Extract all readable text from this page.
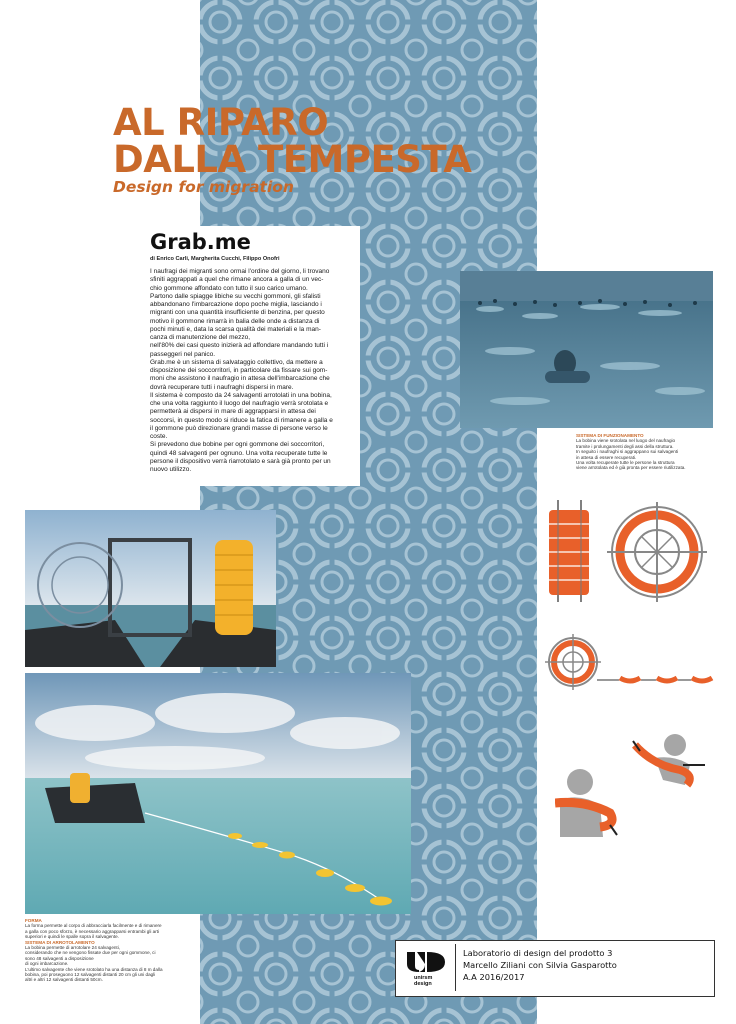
AL RIPARO
DALLA TEMPESTA
Design for migration
Grab.me
di Enrico Carli, Margherita Cucchi, Filippo Onofri

I naufragi dei migranti sono ormai l'ordine del giorno, li trovano

sfiniti aggrappati a quel che rimane ancora a galla di un vec-

chio gommone affondato con tutto il suo carico umano.

Partono dalle spiagge libiche su vecchi gommoni, gli sfalisti

abbandonano l'imbarcazione dopo poche miglia, lasciando i

migranti con una quantità insufficiente di benzina, per questo

motivo il gommone rimarrà in balia delle onde a distanza di

pochi minuti e, data la scarsa qualità dei materiali e la man-

canza di manutenzione del mezzo,

nell'80% dei casi questo inizierà ad affondare mandando tutti i

passeggeri nel panico.

Grab.me è un sistema di salvataggio collettivo, da mettere a

disposizione dei soccorritori, in particolare da fissare sui gom-

moni che assistono il naufragio in attesa dell'imbarcazione che

dovrà recuperare tutti i naufraghi dispersi in mare.

Il sistema è composto da 24 salvagenti arrotolati in una bobina,

che una volta raggiunto il luogo del naufragio verrà srotolata e

permetterà ai dispersi in mare di aggrapparsi in attesa dei

soccorsi, in questo modo si riduce la fatica di rimanere a galla e

il gommone può direzionare grandi masse di persone verso le

coste.

Si prevedono due bobine per ogni gommone dei soccorritori,

quindi 48 salvagenti per ognuno. Una volta recuperate tutte le

persone il dispositivo verrà riarrotolato e sarà già pronto per un

nuovo utilizzo.

SISTEMA DI FUNZIONAMENTO
La bobina viene srotolata nel luogo del naufragio
tramite i prolungamenti degli assi della struttura.
In seguito i naufraghi si aggrappano sui salvagenti
in attesa di essere recuperati.
Una volta recuperate tutte le persone la struttura
viene arrotolata ed è già pronta per essere riutilizzata.
FORMA
La forma permette al corpo di abbracciarla facilmente e di rimanere
a galla con poco sforzo, è necessario aggrapparsi entrambi gli arti
superiori e quindi le spalle sopra il salvagente.
SISTEMA DI ARROTOLAMENTO
La bobina permette di arrotolare 24 salvagenti,
considerando che ne vengono fissate due per ogni gommone, ci
sono 48 salvagenti a disposizione
di ogni imbarcazione.
L'ultimo salvagente che viene srotolato ha una distanza di 8 m dalla
bobina, poi proseguono 12 salvagenti distanti 20 cm gli uni dagli
altri e altri 12 salvagenti distanti 50cm.	unirsm
design
Laboratorio di design del prodotto 3
Marcello Ziliani con Silvia Gasparotto
A.A 2016/2017
